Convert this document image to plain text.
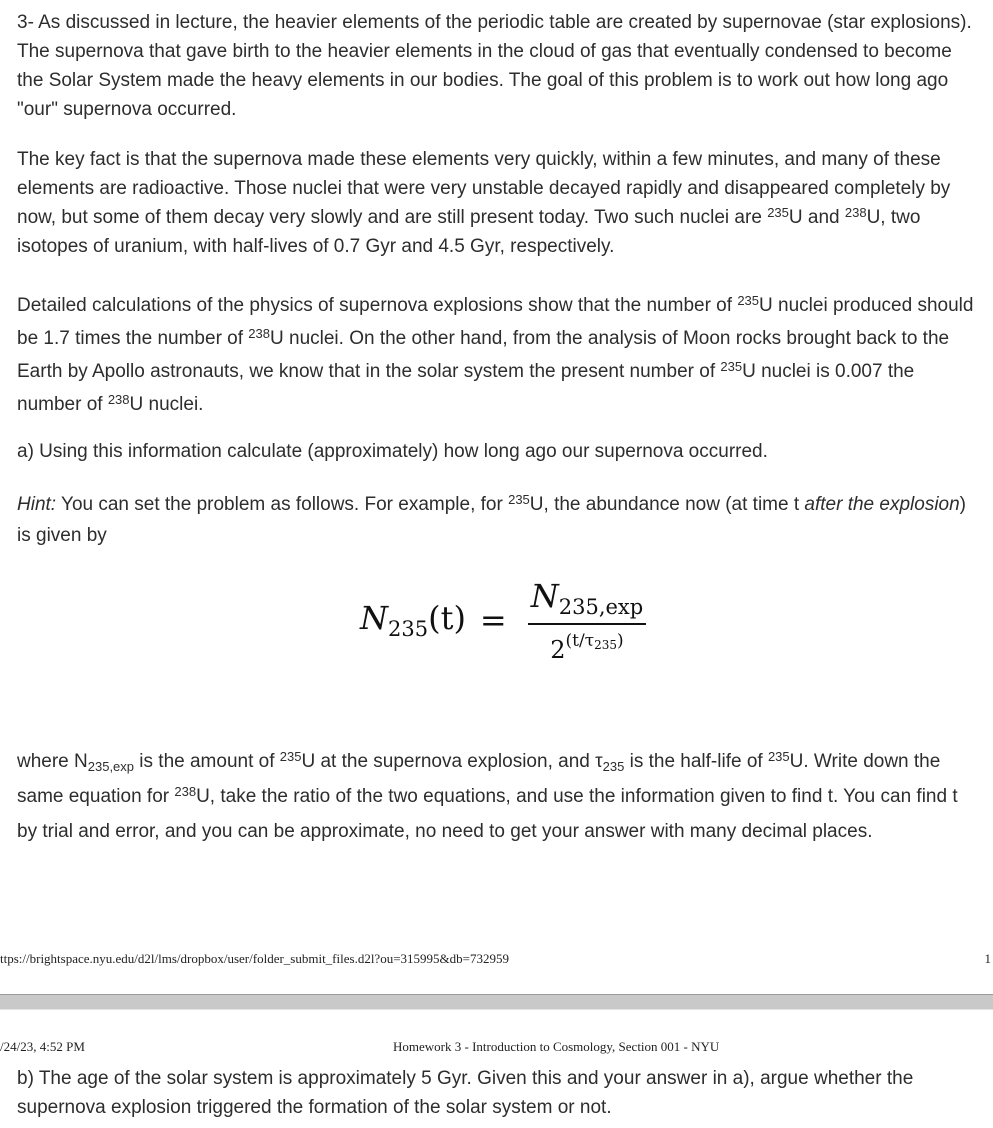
3- As discussed in lecture, the heavier elements of the periodic table are created by supernovae (star explosions). The supernova that gave birth to the heavier elements in the cloud of gas that eventually condensed to become the Solar System made the heavy elements in our bodies. The goal of this problem is to work out how long ago "our" supernova occurred.

The key fact is that the supernova made these elements very quickly, within a few minutes, and many of these elements are radioactive. Those nuclei that were very unstable decayed rapidly and disappeared completely by now, but some of them decay very slowly and are still present today. Two such nuclei are $^{235}$U and $^{238}$U, two isotopes of uranium, with half-lives of 0.7 Gyr and 4.5 Gyr, respectively.

Detailed calculations of the physics of supernova explosions show that the number of $^{235}$U nuclei produced should be 1.7 times the number of $^{238}$U nuclei. On the other hand, from the analysis of Moon rocks brought back to the Earth by Apollo astronauts, we know that in the solar system the present number of $^{235}$U nuclei is 0.007 the number of $^{238}$U nuclei.

a) Using this information calculate (approximately) how long ago our supernova occurred.

Hint: You can set the problem as follows. For example, for $^{235}$U, the abundance now (at time t after the explosion) is given by

$N_{235}(t) = \frac{N_{235,exp}}{2^{(t/\tau 235)}}$

where $N_{235,exp}$ is the amount of $^{235}$U at the supernova explosion, and $\tau_{235}$ is the half-life of $^{235}$U. Write down the same equation for $^{238}$U, take the ratio of the two equations, and use the information given to find t. You can find t by trial and error, and you can be approximate, no need to get your answer with many decimal places.

ttps://brightspace.nyu.edu/d2l/lms/dropbox/user/folder_submit_files.d2l?ou=315995&db=732959	1
/24/23, 4:52 PM	Homework 3 - Introduction to Cosmology, Section 001 - NYU

b) The age of the solar system is approximately 5 Gyr. Given this and your answer in a), argue whether the supernova explosion triggered the formation of the solar system or not.
